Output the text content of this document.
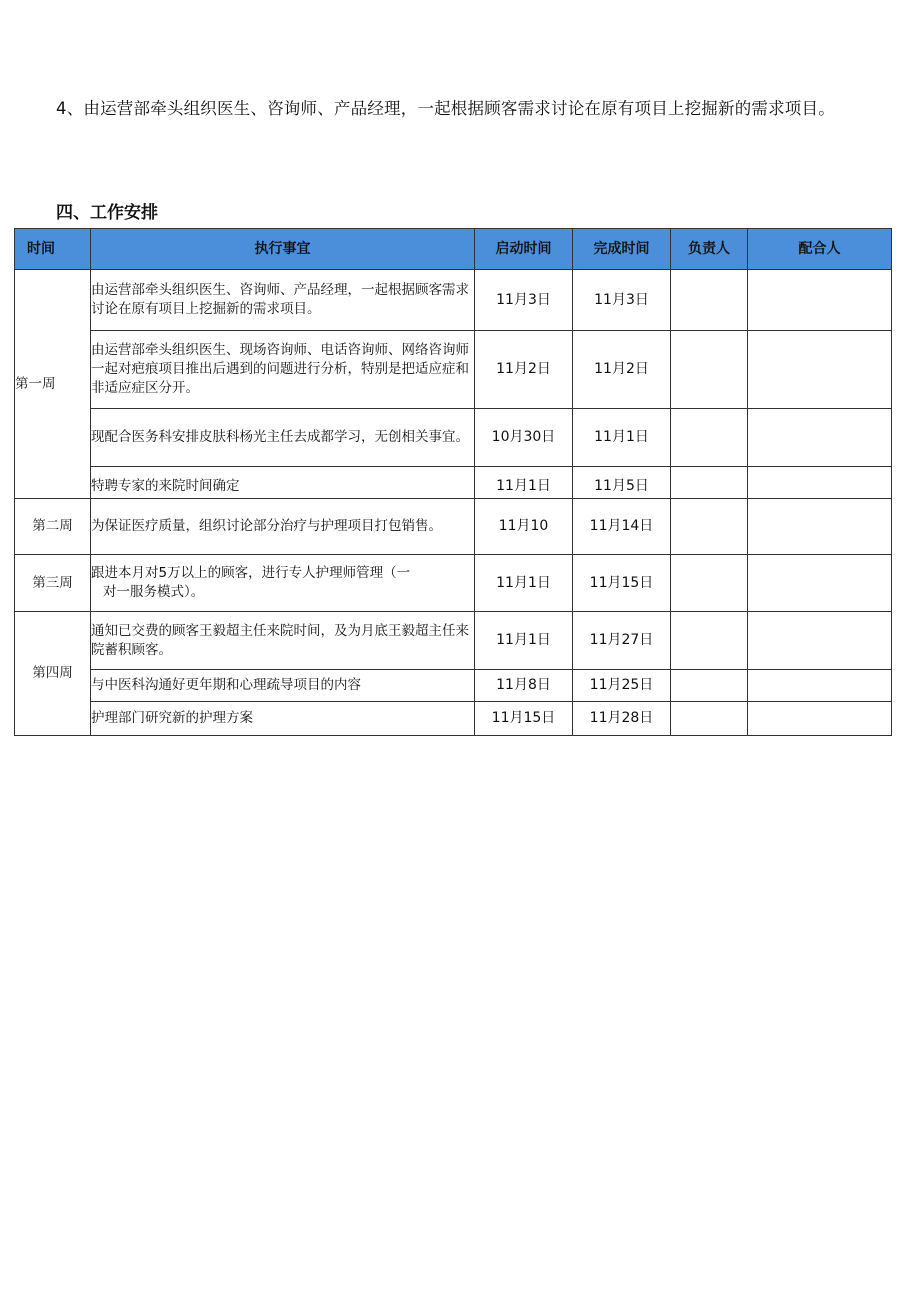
4、由运营部牵头组织医生、咨询师、产品经理，一起根据顾客需求讨论在原有项目上挖掘新的需求项目。
四、工作安排
时间	执行事宜	启动时间	完成时间	负责人	配合人
第一周	由运营部牵头组织医生、咨询师、产品经理，一起根据顾客需求讨论在原有项目上挖掘新的需求项目。	11月3日	11月3日		
	由运营部牵头组织医生、现场咨询师、电话咨询师、网络咨询师一起对疤痕项目推出后遇到的问题进行分析，特别是把适应症和非适应症区分开。	11月2日	11月2日		
	现配合医务科安排皮肤科杨光主任去成都学习，无创相关事宜。	10月30日	11月1日		
	特聘专家的来院时间确定	11月1日	11月5日		
第二周	为保证医疗质量，组织讨论部分治疗与护理项目打包销售。	11月10	11月14日		
第三周	跟进本月对5万以上的顾客，进行专人护理师管理（一
对一服务模式）。	11月1日	11月15日		
第四周	通知已交费的顾客王毅超主任来院时间，及为月底王毅超主任来院蓄积顾客。	11月1日	11月27日		
	与中医科沟通好更年期和心理疏导项目的内容	11月8日	11月25日		
	护理部门研究新的护理方案	11月15日	11月28日		
